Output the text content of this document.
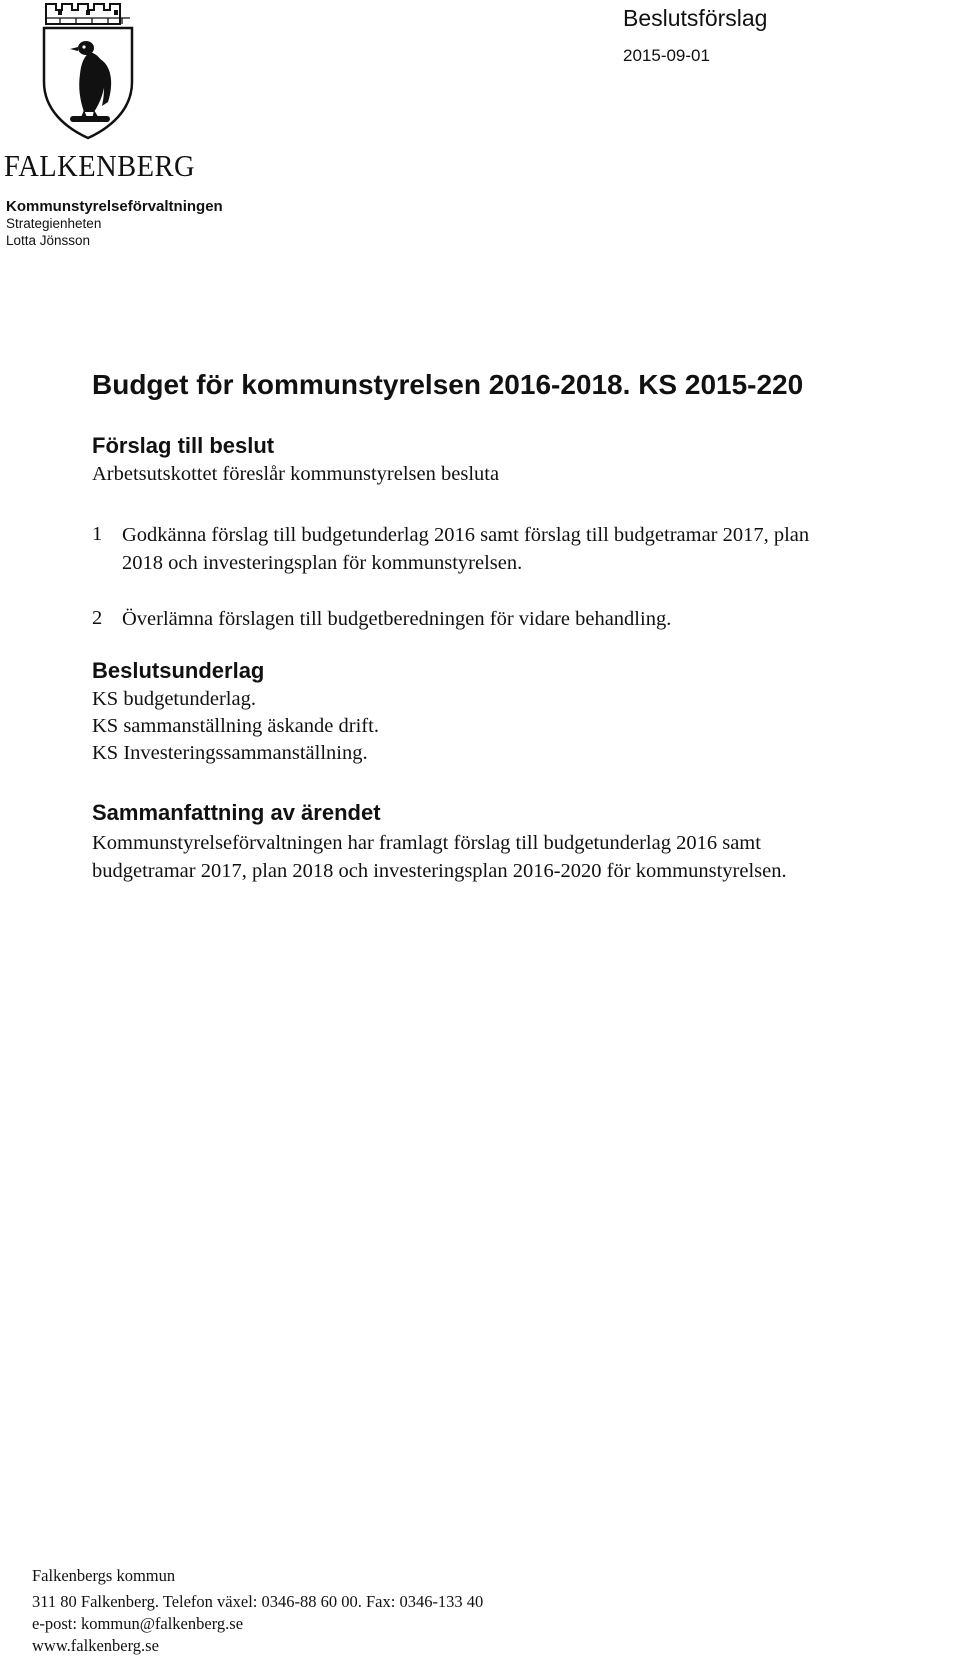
FALKENBERG
Kommunstyrelseförvaltningen
Strategienheten
Lotta Jönsson
Beslutsförslag
2015-09-01
Budget för kommunstyrelsen 2016-2018. KS 2015-220
Förslag till beslut
Arbetsutskottet föreslår kommunstyrelsen besluta
1 Godkänna förslag till budgetunderlag 2016 samt förslag till budgetramar 2017, plan
2018 och investeringsplan för kommunstyrelsen.
2 Överlämna förslagen till budgetberedningen för vidare behandling.
Beslutsunderlag
KS budgetunderlag.
KS sammanställning äskande drift.
KS Investeringssammanställning.
Sammanfattning av ärendet
Kommunstyrelseförvaltningen har framlagt förslag till budgetunderlag 2016 samt
budgetramar 2017, plan 2018 och investeringsplan 2016-2020 för kommunstyrelsen.
Falkenbergs kommun
311 80 Falkenberg. Telefon växel: 0346-88 60 00. Fax: 0346-133 40
e-post: kommun@falkenberg.se
www.falkenberg.se
